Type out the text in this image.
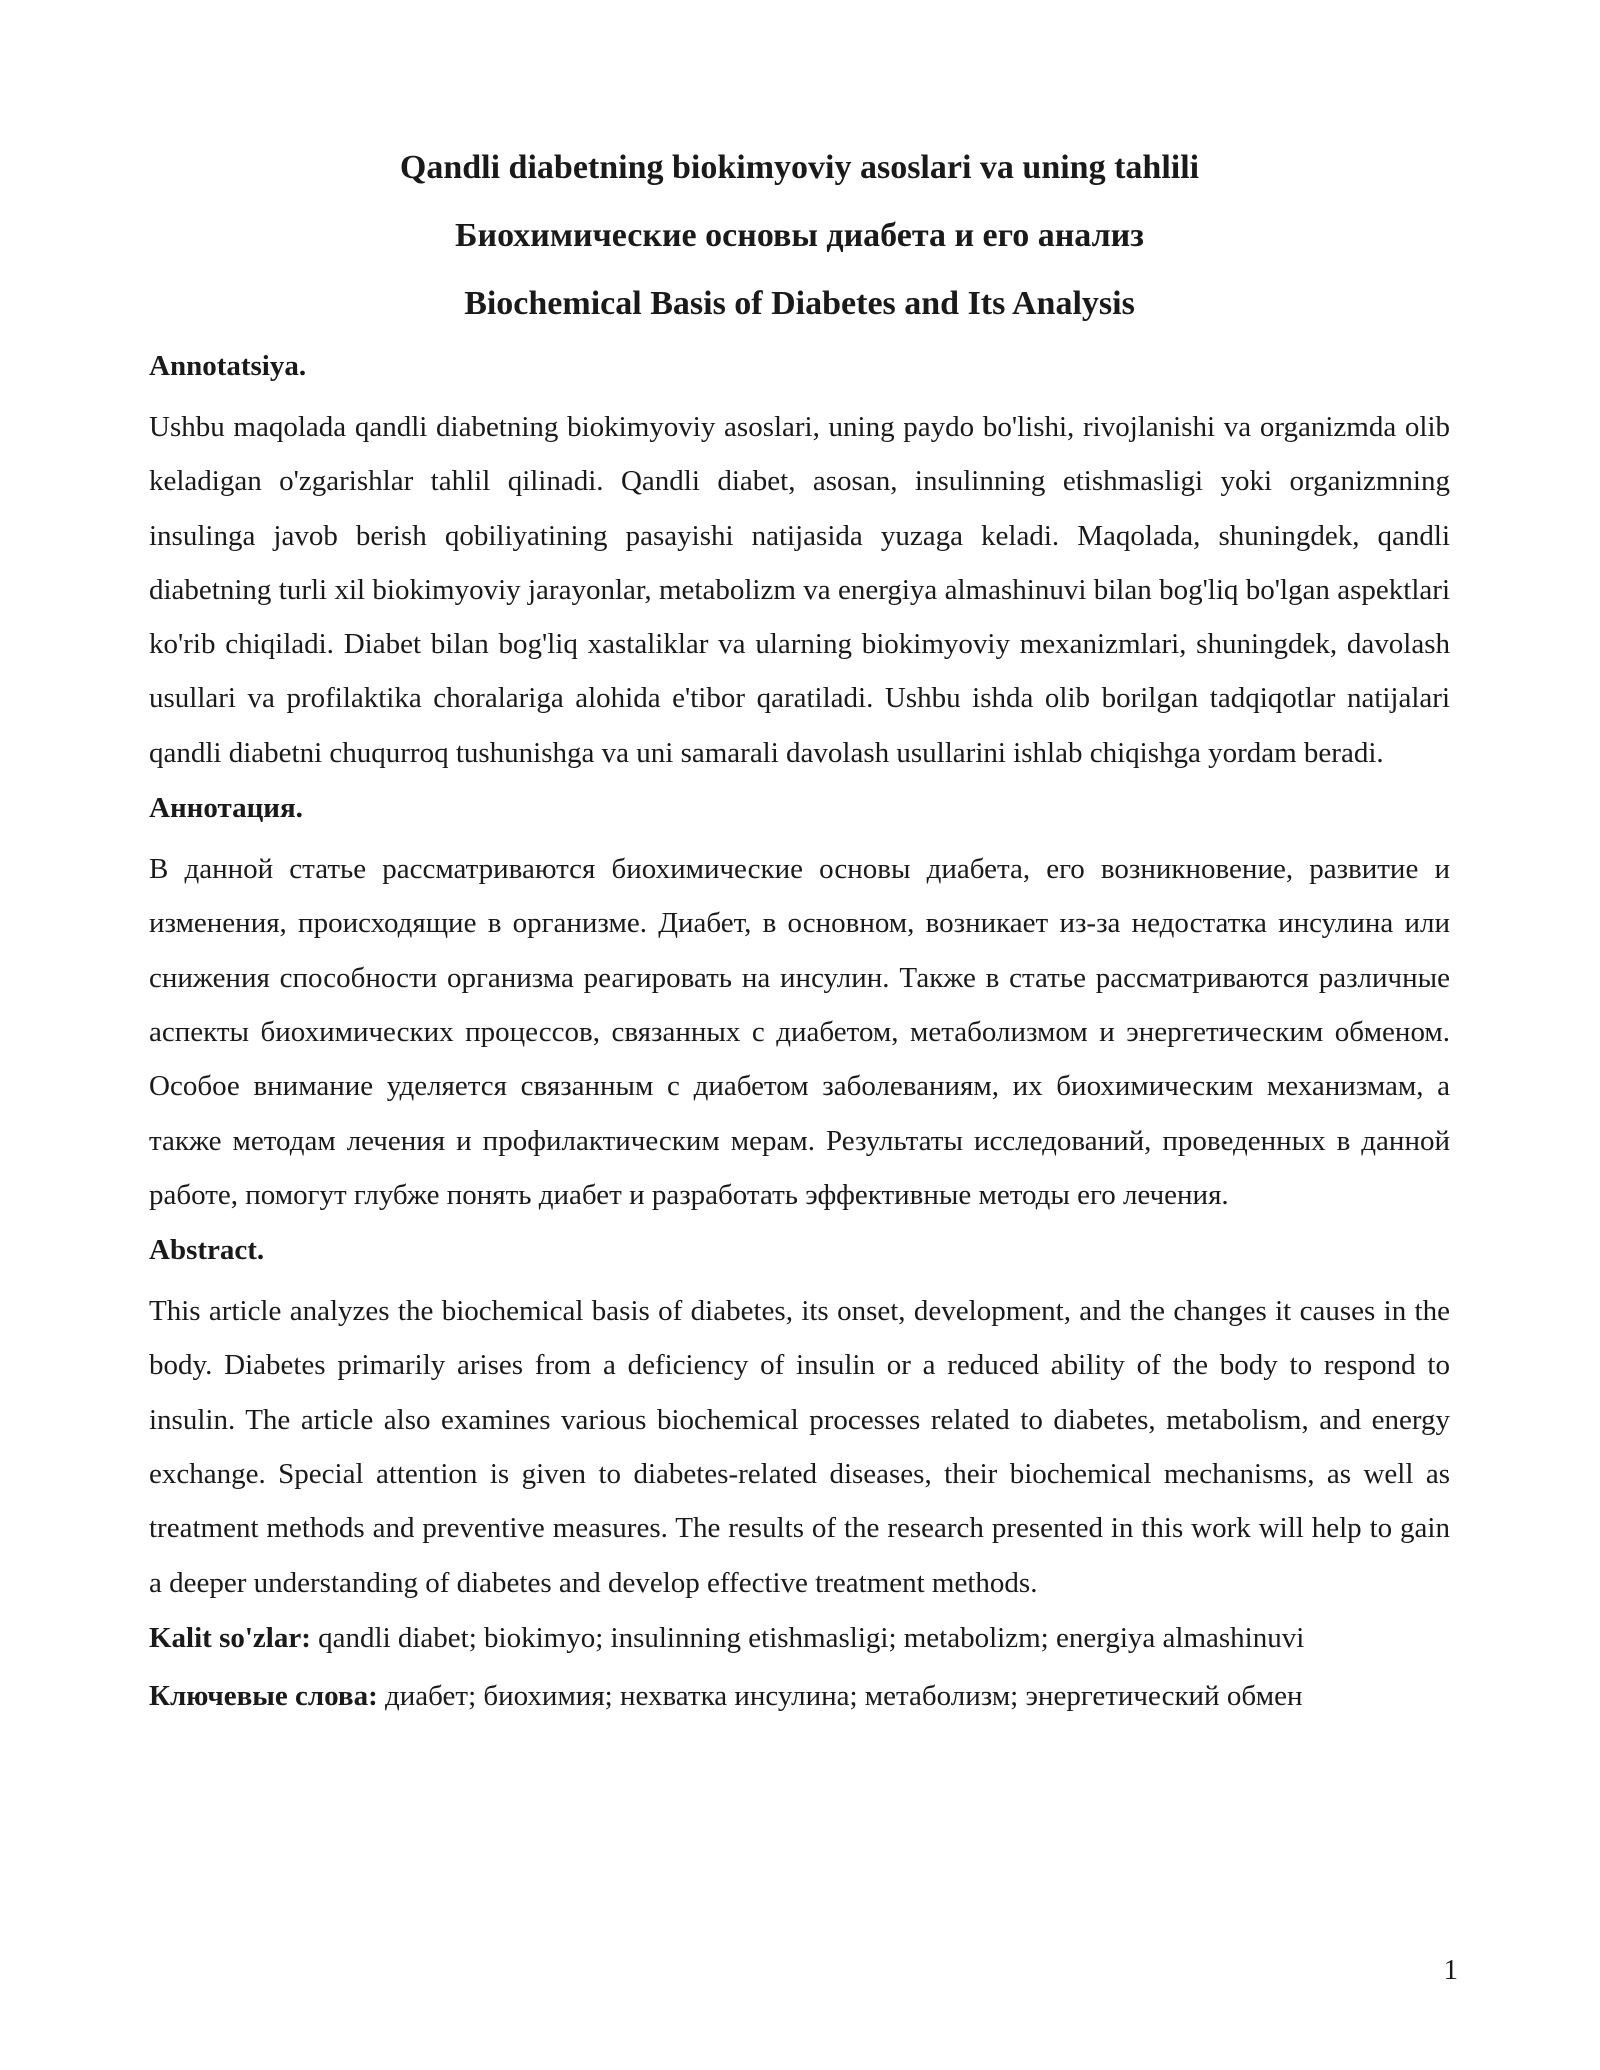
Qandli diabetning biokimyoviy asoslari va uning tahlili
Биохимические основы диабета и его анализ
Biochemical Basis of Diabetes and Its Analysis
Annotatsiya.
Ushbu maqolada qandli diabetning biokimyoviy asoslari, uning paydo bo'lishi, rivojlanishi va organizmda olib keladigan o'zgarishlar tahlil qilinadi. Qandli diabet, asosan, insulinning etishmasligi yoki organizmning insulinga javob berish qobiliyatining pasayishi natijasida yuzaga keladi. Maqolada, shuningdek, qandli diabetning turli xil biokimyoviy jarayonlar, metabolizm va energiya almashinuvi bilan bog'liq bo'lgan aspektlari ko'rib chiqiladi. Diabet bilan bog'liq xastaliklar va ularning biokimyoviy mexanizmlari, shuningdek, davolash usullari va profilaktika choralariga alohida e'tibor qaratiladi. Ushbu ishda olib borilgan tadqiqotlar natijalari qandli diabetni chuqurroq tushunishga va uni samarali davolash usullarini ishlab chiqishga yordam beradi.
Аннотация.
В данной статье рассматриваются биохимические основы диабета, его возникновение, развитие и изменения, происходящие в организме. Диабет, в основном, возникает из-за недостатка инсулина или снижения способности организма реагировать на инсулин. Также в статье рассматриваются различные аспекты биохимических процессов, связанных с диабетом, метаболизмом и энергетическим обменом. Особое внимание уделяется связанным с диабетом заболеваниям, их биохимическим механизмам, а также методам лечения и профилактическим мерам. Результаты исследований, проведенных в данной работе, помогут глубже понять диабет и разработать эффективные методы его лечения.
Abstract.
This article analyzes the biochemical basis of diabetes, its onset, development, and the changes it causes in the body. Diabetes primarily arises from a deficiency of insulin or a reduced ability of the body to respond to insulin. The article also examines various biochemical processes related to diabetes, metabolism, and energy exchange. Special attention is given to diabetes-related diseases, their biochemical mechanisms, as well as treatment methods and preventive measures. The results of the research presented in this work will help to gain a deeper understanding of diabetes and develop effective treatment methods.
Kalit so'zlar: qandli diabet; biokimyo; insulinning etishmasligi; metabolizm; energiya almashinuvi
Ключевые слова: диабет; биохимия; нехватка инсулина; метаболизм; энергетический обмен
1
